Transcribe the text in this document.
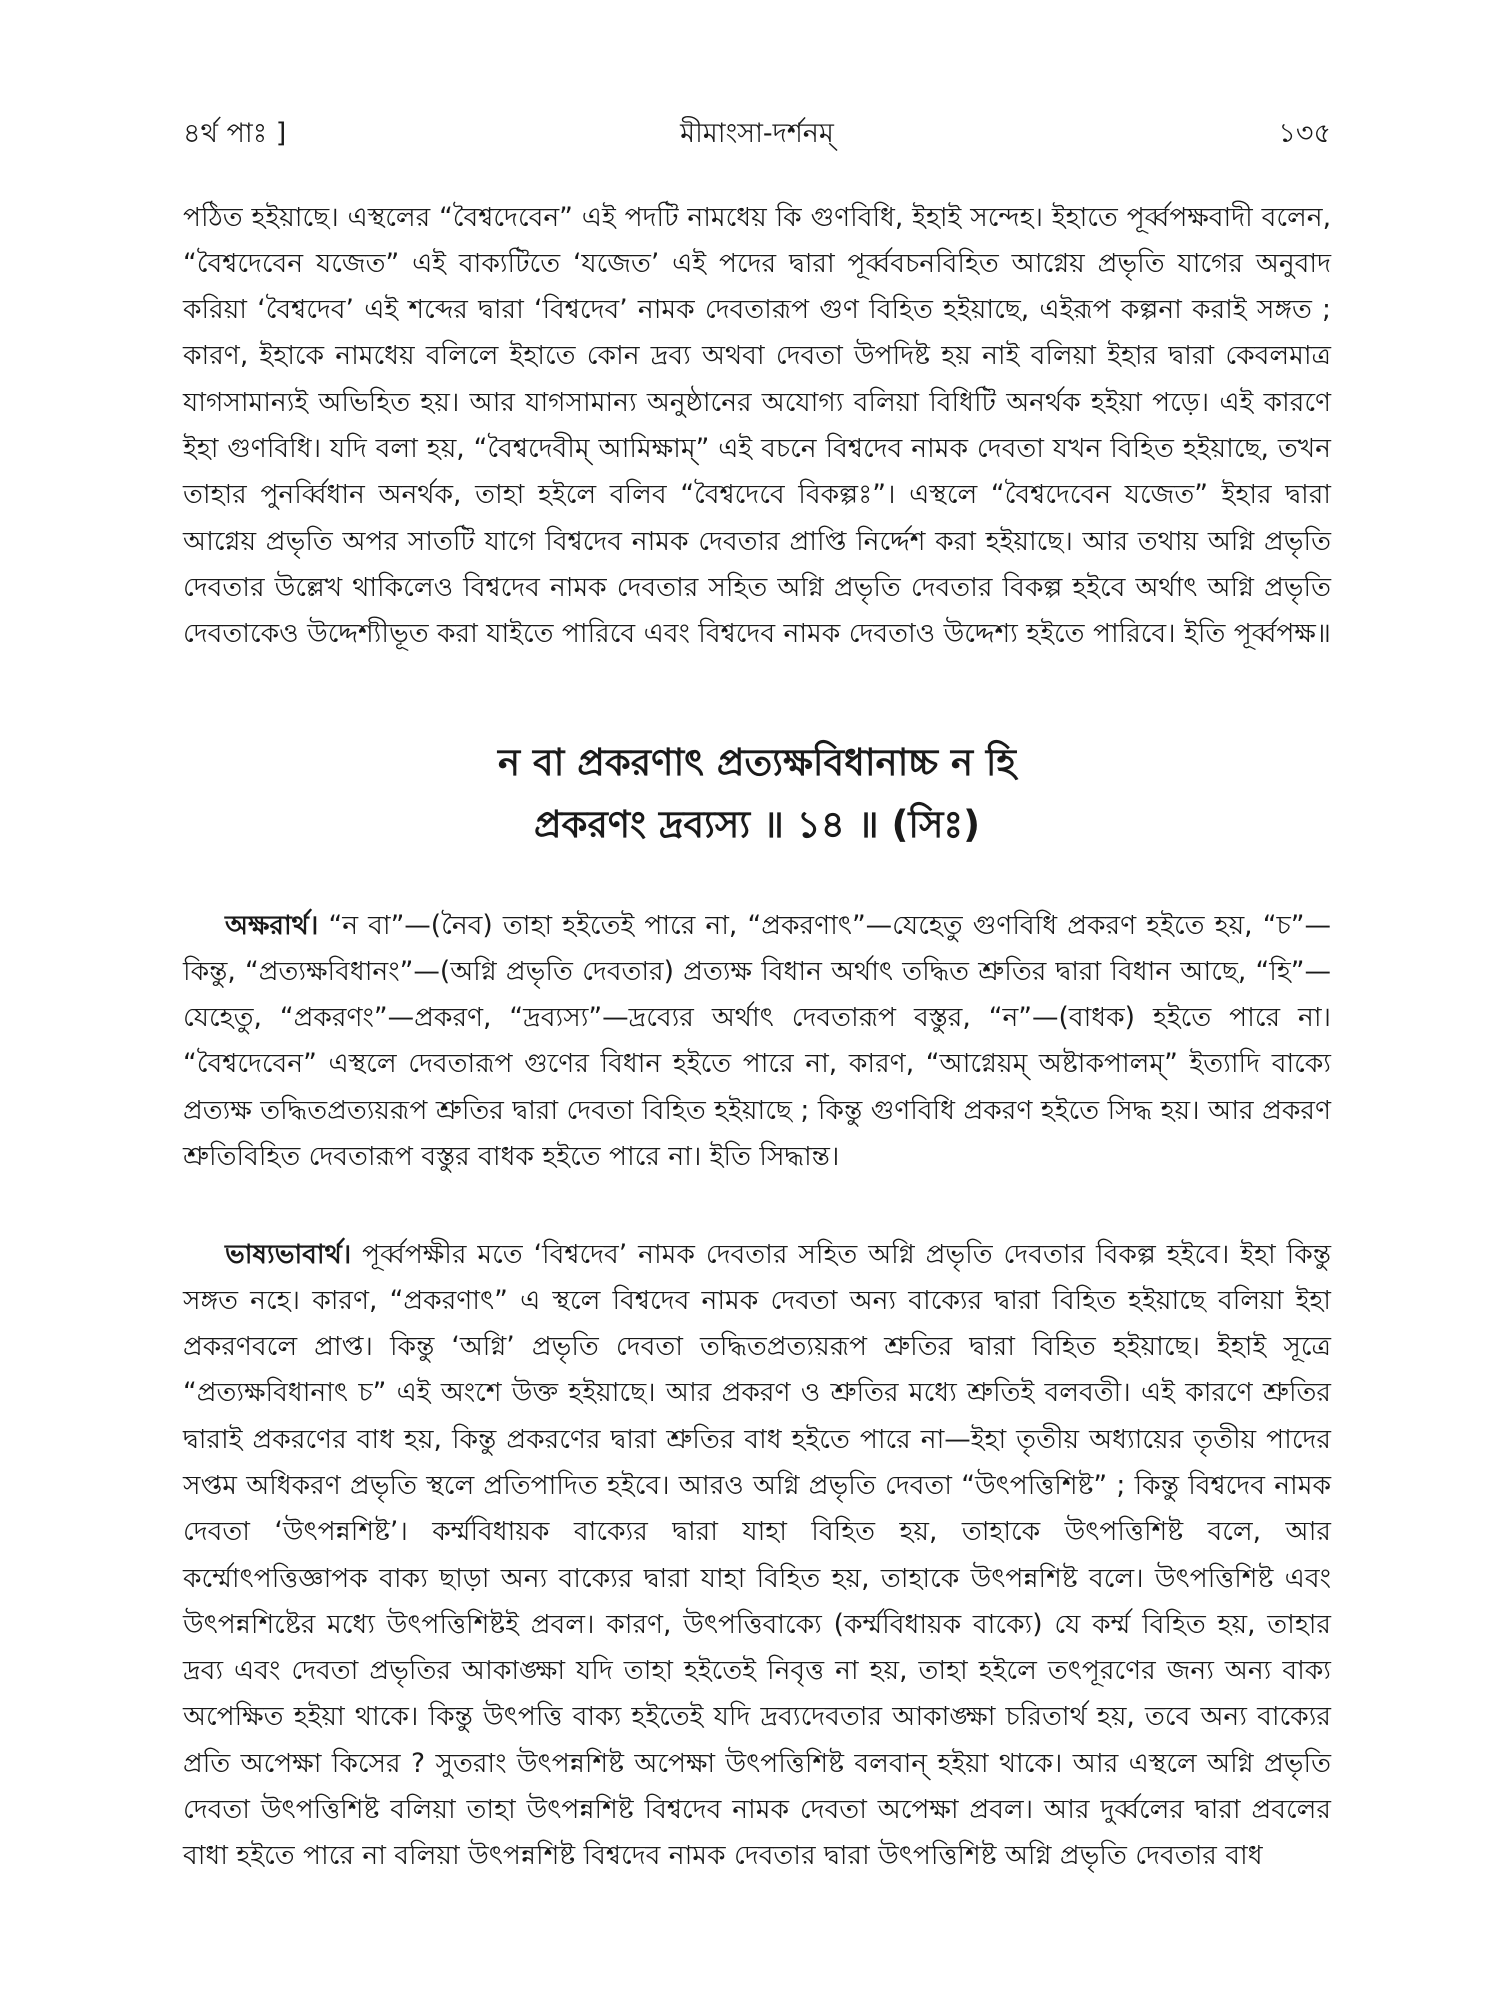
৪র্থ পাঃ ]	মীমাংসা-দর্শনম্	১৩৫

পঠিত হইয়াছে। এস্থলের “বৈশ্বদেবেন” এই পদটি নামধেয় কি গুণবিধি, ইহাই সন্দেহ। ইহাতে পূর্ব্বপক্ষবাদী বলেন, “বৈশ্বদেবেন যজেত” এই বাক্যটিতে ‘যজেত’ এই পদের দ্বারা পূর্ব্ববচনবিহিত আগ্নেয় প্রভৃতি যাগের অনুবাদ করিয়া ‘বৈশ্বদেব’ এই শব্দের দ্বারা ‘বিশ্বদেব’ নামক দেবতারূপ গুণ বিহিত হইয়াছে, এইরূপ কল্পনা করাই সঙ্গত ; কারণ, ইহাকে নামধেয় বলিলে ইহাতে কোন দ্রব্য অথবা দেবতা উপদিষ্ট হয় নাই বলিয়া ইহার দ্বারা কেবলমাত্র যাগসামান্যই অভিহিত হয়। আর যাগসামান্য অনুষ্ঠানের অযোগ্য বলিয়া বিধিটি অনর্থক হইয়া পড়ে। এই কারণে ইহা গুণবিধি। যদি বলা হয়, “বৈশ্বদেবীম্ আমিক্ষাম্” এই বচনে বিশ্বদেব নামক দেবতা যখন বিহিত হইয়াছে, তখন তাহার পুনর্ব্বিধান অনর্থক, তাহা হইলে বলিব “বৈশ্বদেবে বিকল্পঃ”। এস্থলে “বৈশ্বদেবেন যজেত” ইহার দ্বারা আগ্নেয় প্রভৃতি অপর সাতটি যাগে বিশ্বদেব নামক দেবতার প্রাপ্তি নির্দ্দেশ করা হইয়াছে। আর তথায় অগ্নি প্রভৃতি দেবতার উল্লেখ থাকিলেও বিশ্বদেব নামক দেবতার সহিত অগ্নি প্রভৃতি দেবতার বিকল্প হইবে অর্থাৎ অগ্নি প্রভৃতি দেবতাকেও উদ্দেশ্যীভূত করা যাইতে পারিবে এবং বিশ্বদেব নামক দেবতাও উদ্দেশ্য হইতে পারিবে। ইতি পূর্ব্বপক্ষ॥

ন বা প্রকরণাৎ প্রত্যক্ষবিধানাচ্চ ন হি
প্রকরণং দ্রব্যস্য ॥ ১৪ ॥ (সিঃ)

অক্ষরার্থ। “ন বা”—(নৈব) তাহা হইতেই পারে না, “প্রকরণাৎ”—যেহেতু গুণবিধি প্রকরণ হইতে হয়, “চ”—কিন্তু, “প্রত্যক্ষবিধানং”—(অগ্নি প্রভৃতি দেবতার) প্রত্যক্ষ বিধান অর্থাৎ তদ্ধিত শ্রুতির দ্বারা বিধান আছে, “হি”—যেহেতু, “প্রকরণং”—প্রকরণ, “দ্রব্যস্য”—দ্রব্যের অর্থাৎ দেবতারূপ বস্তুর, “ন”—(বাধক) হইতে পারে না। “বৈশ্বদেবেন” এস্থলে দেবতারূপ গুণের বিধান হইতে পারে না, কারণ, “আগ্নেয়ম্ অষ্টাকপালম্” ইত্যাদি বাক্যে প্রত্যক্ষ তদ্ধিতপ্রত্যয়রূপ শ্রুতির দ্বারা দেবতা বিহিত হইয়াছে ; কিন্তু গুণবিধি প্রকরণ হইতে সিদ্ধ হয়। আর প্রকরণ শ্রুতিবিহিত দেবতারূপ বস্তুর বাধক হইতে পারে না। ইতি সিদ্ধান্ত।

ভাষ্যভাবার্থ। পূর্ব্বপক্ষীর মতে ‘বিশ্বদেব’ নামক দেবতার সহিত অগ্নি প্রভৃতি দেবতার বিকল্প হইবে। ইহা কিন্তু সঙ্গত নহে। কারণ, “প্রকরণাৎ” এ স্থলে বিশ্বদেব নামক দেবতা অন্য বাক্যের দ্বারা বিহিত হইয়াছে বলিয়া ইহা প্রকরণবলে প্রাপ্ত। কিন্তু ‘অগ্নি’ প্রভৃতি দেবতা তদ্ধিতপ্রত্যয়রূপ শ্রুতির দ্বারা বিহিত হইয়াছে। ইহাই সূত্রে “প্রত্যক্ষবিধানাৎ চ” এই অংশে উক্ত হইয়াছে। আর প্রকরণ ও শ্রুতির মধ্যে শ্রুতিই বলবতী। এই কারণে শ্রুতির দ্বারাই প্রকরণের বাধ হয়, কিন্তু প্রকরণের দ্বারা শ্রুতির বাধ হইতে পারে না—ইহা তৃতীয় অধ্যায়ের তৃতীয় পাদের সপ্তম অধিকরণ প্রভৃতি স্থলে প্রতিপাদিত হইবে। আরও অগ্নি প্রভৃতি দেবতা “উৎপত্তিশিষ্ট” ; কিন্তু বিশ্বদেব নামক দেবতা ‘উৎপন্নশিষ্ট’। কর্ম্মবিধায়ক বাক্যের দ্বারা যাহা বিহিত হয়, তাহাকে উৎপত্তিশিষ্ট বলে, আর কর্ম্মোৎপত্তিজ্ঞাপক বাক্য ছাড়া অন্য বাক্যের দ্বারা যাহা বিহিত হয়, তাহাকে উৎপন্নশিষ্ট বলে। উৎপত্তিশিষ্ট এবং উৎপন্নশিষ্টের মধ্যে উৎপত্তিশিষ্টই প্রবল। কারণ, উৎপত্তিবাক্যে (কর্ম্মবিধায়ক বাক্যে) যে কর্ম্ম বিহিত হয়, তাহার দ্রব্য এবং দেবতা প্রভৃতির আকাঙ্ক্ষা যদি তাহা হইতেই নিবৃত্ত না হয়, তাহা হইলে তৎপূরণের জন্য অন্য বাক্য অপেক্ষিত হইয়া থাকে। কিন্তু উৎপত্তি বাক্য হইতেই যদি দ্রব্যদেবতার আকাঙ্ক্ষা চরিতার্থ হয়, তবে অন্য বাক্যের প্রতি অপেক্ষা কিসের ? সুতরাং উৎপন্নশিষ্ট অপেক্ষা উৎপত্তিশিষ্ট বলবান্ হইয়া থাকে। আর এস্থলে অগ্নি প্রভৃতি দেবতা উৎপত্তিশিষ্ট বলিয়া তাহা উৎপন্নশিষ্ট বিশ্বদেব নামক দেবতা অপেক্ষা প্রবল। আর দুর্ব্বলের দ্বারা প্রবলের বাধা হইতে পারে না বলিয়া উৎপন্নশিষ্ট বিশ্বদেব নামক দেবতার দ্বারা উৎপত্তিশিষ্ট অগ্নি প্রভৃতি দেবতার বাধ
